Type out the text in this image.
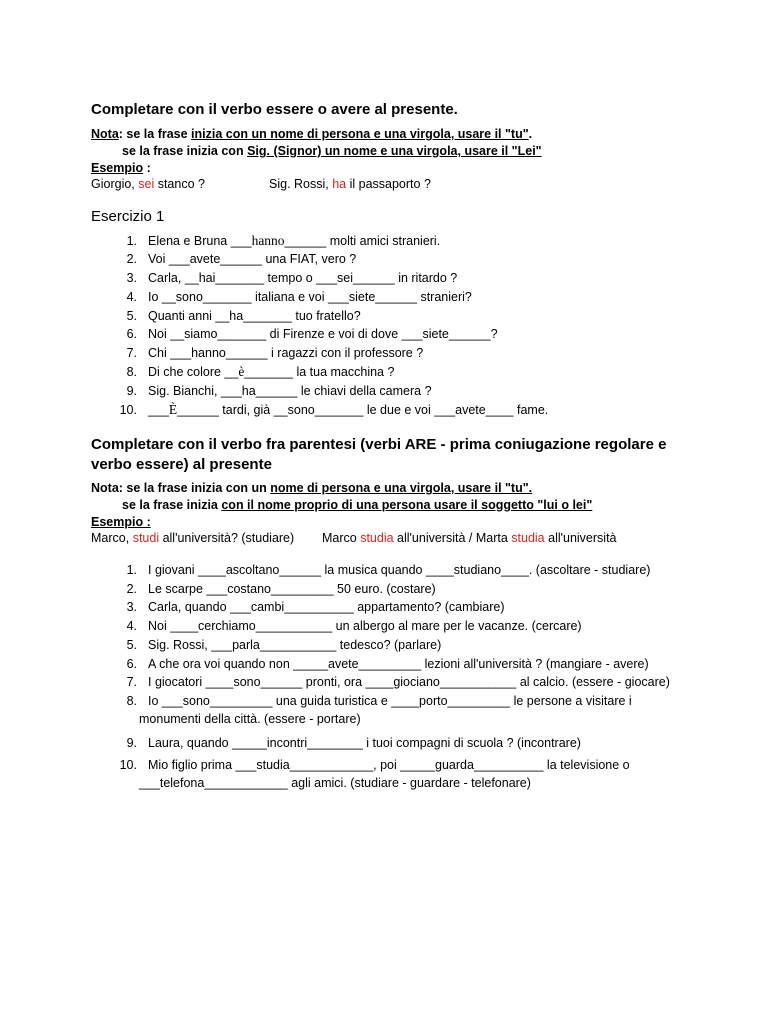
Completare con il verbo essere o avere al presente.
Nota: se la frase inizia con un nome di persona e una virgola, usare il "tu".
se la frase inizia con Sig. (Signor) un nome e una virgola, usare il "Lei"
Esempio :
Giorgio, sei stanco ?	Sig. Rossi, ha il passaporto ?
Esercizio 1
1. Elena e Bruna ___hanno______ molti amici stranieri.
2. Voi ___avete______ una FIAT, vero ?
3. Carla, __hai_______ tempo o ___sei______ in ritardo ?
4. Io __sono_______ italiana e voi ___siete______ stranieri?
5. Quanti anni __ha_______ tuo fratello?
6. Noi __siamo_______ di Firenze e voi di dove ___siete______?
7. Chi ___hanno______ i ragazzi con il professore ?
8. Di che colore __è_______ la tua macchina ?
9. Sig. Bianchi, ___ha______ le chiavi della camera ?
10. ___È______ tardi, già __sono_______ le due e voi ___avete____ fame.
Completare con il verbo fra parentesi (verbi ARE - prima coniugazione regolare e
verbo essere) al presente
Nota: se la frase inizia con un nome di persona e una virgola, usare il "tu".
se la frase inizia con il nome proprio di una persona usare il soggetto "lui o lei"
Esempio :
Marco, studi all'università? (studiare) Marco studia all'università / Marta studia all'università
1. I giovani ____ascoltano______ la musica quando ____studiano____. (ascoltare - studiare)
2. Le scarpe ___costano_________ 50 euro. (costare)
3. Carla, quando ___cambi__________ appartamento? (cambiare)
4. Noi ____cerchiamo___________ un albergo al mare per le vacanze. (cercare)
5. Sig. Rossi, ___parla___________ tedesco? (parlare)
6. A che ora voi quando non _____avete_________ lezioni all'università ? (mangiare - avere)
7. I giocatori ____sono______ pronti, ora ____giociano___________ al calcio. (essere - giocare)
8. Io ___sono_________ una guida turistica e ____porto_________ le persone a visitare i
monumenti della città. (essere - portare)
9. Laura, quando _____incontri________ i tuoi compagni di scuola ? (incontrare)
10. Mio figlio prima ___studia____________, poi _____guarda__________ la televisione o
___telefona____________ agli amici. (studiare - guardare - telefonare)
